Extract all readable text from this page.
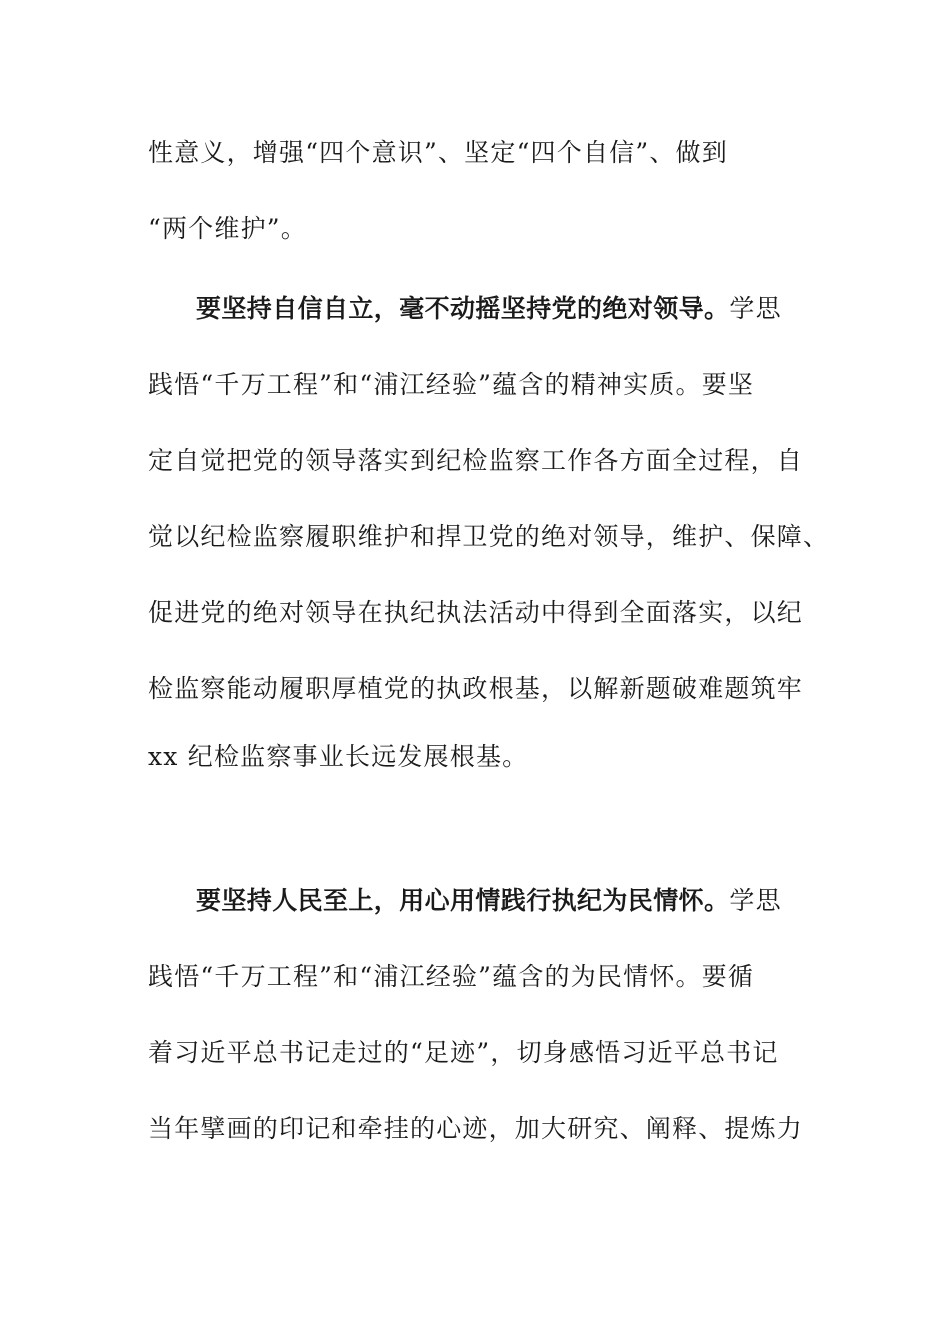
性意义，增强“四个意识”、坚定“四个自信”、做到
“两个维护”。
要坚持自信自立，毫不动摇坚持党的绝对领导。学思
践悟“千万工程”和“浦江经验”蕴含的精神实质。要坚
定自觉把党的领导落实到纪检监察工作各方面全过程，自
觉以纪检监察履职维护和捍卫党的绝对领导，维护、保障、
促进党的绝对领导在执纪执法活动中得到全面落实，以纪
检监察能动履职厚植党的执政根基，以解新题破难题筑牢
xx 纪检监察事业长远发展根基。
要坚持人民至上，用心用情践行执纪为民情怀。学思
践悟“千万工程”和“浦江经验”蕴含的为民情怀。要循
着习近平总书记走过的“足迹”，切身感悟习近平总书记
当年擘画的印记和牵挂的心迹，加大研究、阐释、提炼力
